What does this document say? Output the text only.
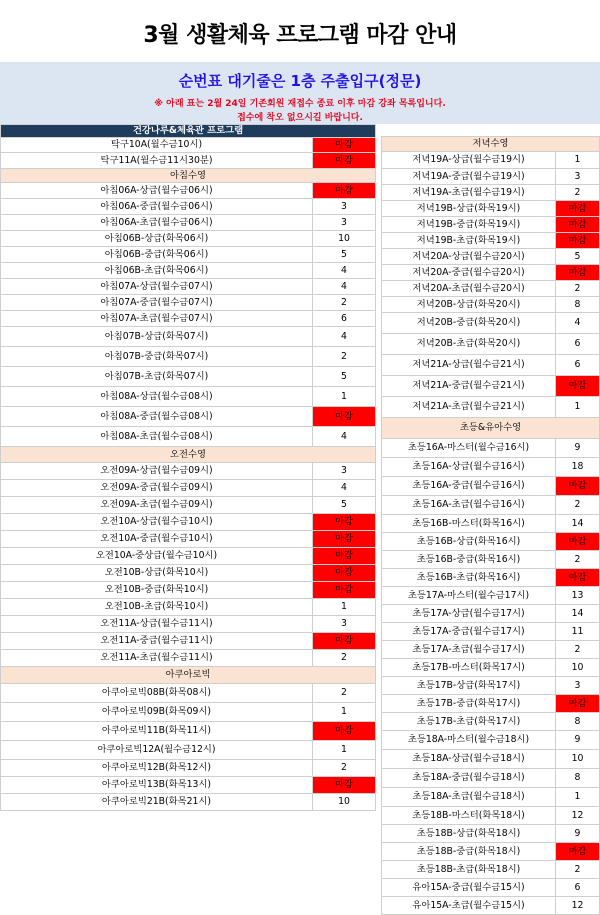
3월 생활체육 프로그램 마감 안내
순번표 대기줄은 1층 주출입구(정문)
※ 아래 표는 2월 24일 기존회원 재접수 종료 이후 마감 강좌 목록입니다.
접수에 착오 없으시길 바랍니다.
건강나루&체육관 프로그램	
탁구10A(월수금10시)	마감
탁구11A(월수금11시30분)	마감
아침수영	
아침06A-상급(월수금06시)	마감
아침06A-중급(월수금06시)	3
아침06A-초급(월수금06시)	3
아침06B-상급(화목06시)	10
아침06B-중급(화목06시)	5
아침06B-초급(화목06시)	4
아침07A-상급(월수금07시)	4
아침07A-중급(월수금07시)	2
아침07A-초급(월수금07시)	6
아침07B-상급(화목07시)	4
아침07B-중급(화목07시)	2
아침07B-초급(화목07시)	5
아침08A-상급(월수금08시)	1
아침08A-중급(월수금08시)	마감
아침08A-초급(월수금08시)	4
오전수영	
오전09A-상급(월수금09시)	3
오전09A-중급(월수금09시)	4
오전09A-초급(월수금09시)	5
오전10A-상급(월수금10시)	마감
오전10A-중급(월수금10시)	마감
오전10A-중상급(월수금10시)	마감
오전10B-상급(화목10시)	마감
오전10B-중급(화목10시)	마감
오전10B-초급(화목10시)	1
오전11A-상급(월수금11시)	3
오전11A-중급(월수금11시)	마감
오전11A-초급(월수금11시)	2
아쿠아로빅	
아쿠아로빅08B(화목08시)	2
아쿠아로빅09B(화목09시)	1
아쿠아로빅11B(화목11시)	마감
아쿠아로빅12A(월수금12시)	1
아쿠아로빅12B(화목12시)	2
아쿠아로빅13B(화목13시)	마감
아쿠아로빅21B(화목21시)	10
저녁수영	
저녁19A-상급(월수금19시)	1
저녁19A-중급(월수금19시)	3
저녁19A-초급(월수금19시)	2
저녁19B-상급(화목19시)	마감
저녁19B-중급(화목19시)	마감
저녁19B-초급(화목19시)	마감
저녁20A-상급(월수금20시)	5
저녁20A-중급(월수금20시)	마감
저녁20A-초급(월수금20시)	2
저녁20B-상급(화목20시)	8
저녁20B-중급(화목20시)	4
저녁20B-초급(화목20시)	6
저녁21A-상급(월수금21시)	6
저녁21A-중급(월수금21시)	마감
저녁21A-초급(월수금21시)	1
초등&유아수영	
초등16A-마스터(월수금16시)	9
초등16A-상급(월수금16시)	18
초등16A-중급(월수금16시)	마감
초등16A-초급(월수금16시)	2
초등16B-마스터(화목16시)	14
초등16B-상급(화목16시)	마감
초등16B-중급(화목16시)	2
초등16B-초급(화목16시)	마감
초등17A-마스터(월수금17시)	13
초등17A-상급(월수금17시)	14
초등17A-중급(월수금17시)	11
초등17A-초급(월수금17시)	2
초등17B-마스터(화목17시)	10
초등17B-상급(화목17시)	3
초등17B-중급(화목17시)	마감
초등17B-초급(화목17시)	8
초등18A-마스터(월수금18시)	9
초등18A-상급(월수금18시)	10
초등18A-중급(월수금18시)	8
초등18A-초급(월수금18시)	1
초등18B-마스터(화목18시)	12
초등18B-상급(화목18시)	9
초등18B-중급(화목18시)	마감
초등18B-초급(화목18시)	2
유아15A-중급(월수금15시)	6
유아15A-초급(월수금15시)	12
